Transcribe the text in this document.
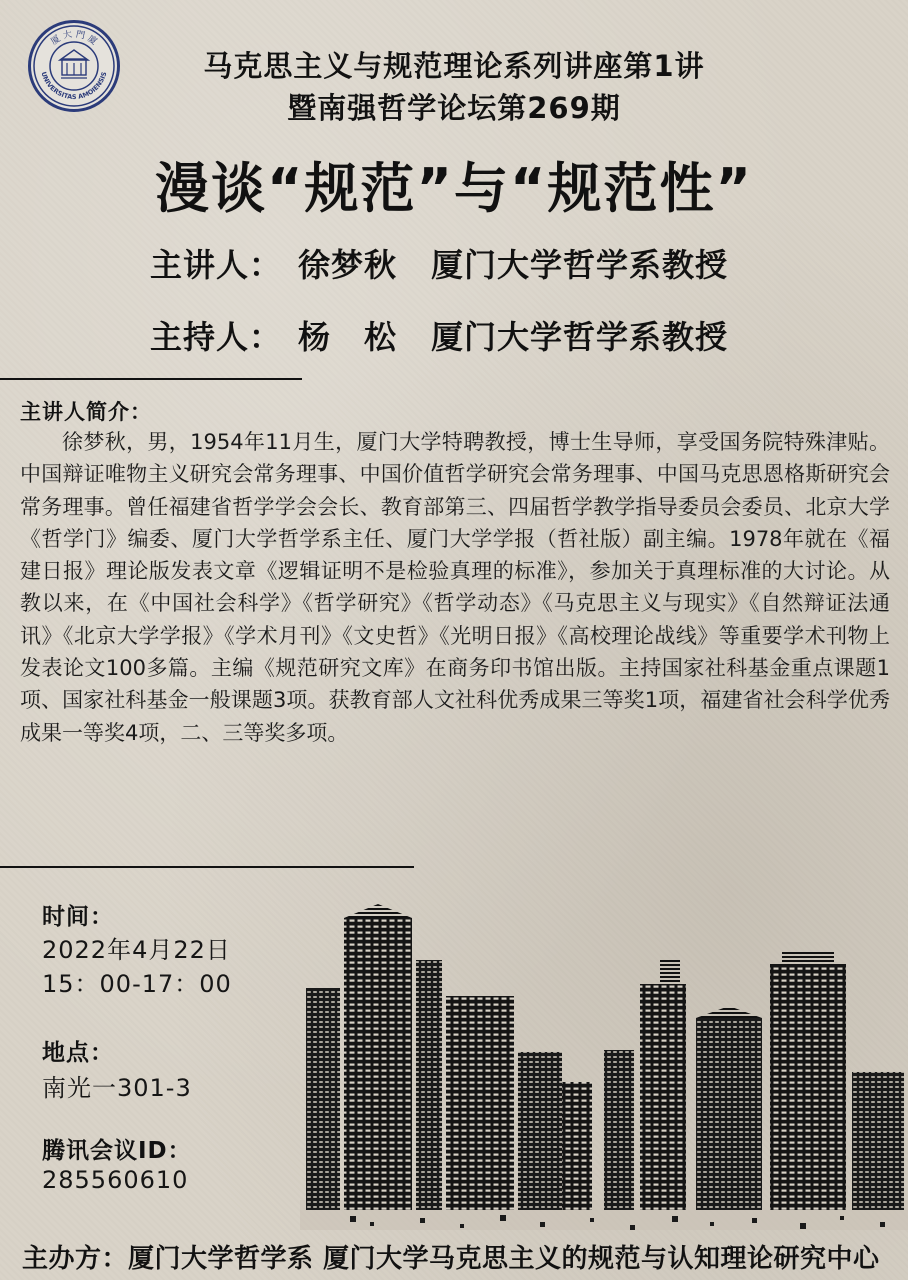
厦 大 門 廈
UNIVERSITAS AMOIENSIS	马克思主义与规范理论系列讲座第1讲
暨南强哲学论坛第269期
漫谈“规范”与“规范性”
主讲人： 徐梦秋 厦门大学哲学系教授
主持人： 杨　松 厦门大学哲学系教授
主讲人简介：
徐梦秋，男，1954年11月生，厦门大学特聘教授，博士生导师，享受国务院特殊津贴。中国辩证唯物主义研究会常务理事、中国价值哲学研究会常务理事、中国马克思恩格斯研究会常务理事。曾任福建省哲学学会会长、教育部第三、四届哲学教学指导委员会委员、北京大学《哲学门》编委、厦门大学哲学系主任、厦门大学学报（哲社版）副主编。1978年就在《福建日报》理论版发表文章《逻辑证明不是检验真理的标准》，参加关于真理标准的大讨论。从教以来，在《中国社会科学》《哲学研究》《哲学动态》《马克思主义与现实》《自然辩证法通讯》《北京大学学报》《学术月刊》《文史哲》《光明日报》《高校理论战线》等重要学术刊物上发表论文100多篇。主编《规范研究文库》在商务印书馆出版。主持国家社科基金重点课题1项、国家社科基金一般课题3项。获教育部人文社科优秀成果三等奖1项，福建省社会科学优秀成果一等奖4项，二、三等奖多项。
时间：
2022年4月22日
15：00-17：00
地点：
南光一301-3
腾讯会议ID：
285560610
主办方：厦门大学哲学系 厦门大学马克思主义的规范与认知理论研究中心
